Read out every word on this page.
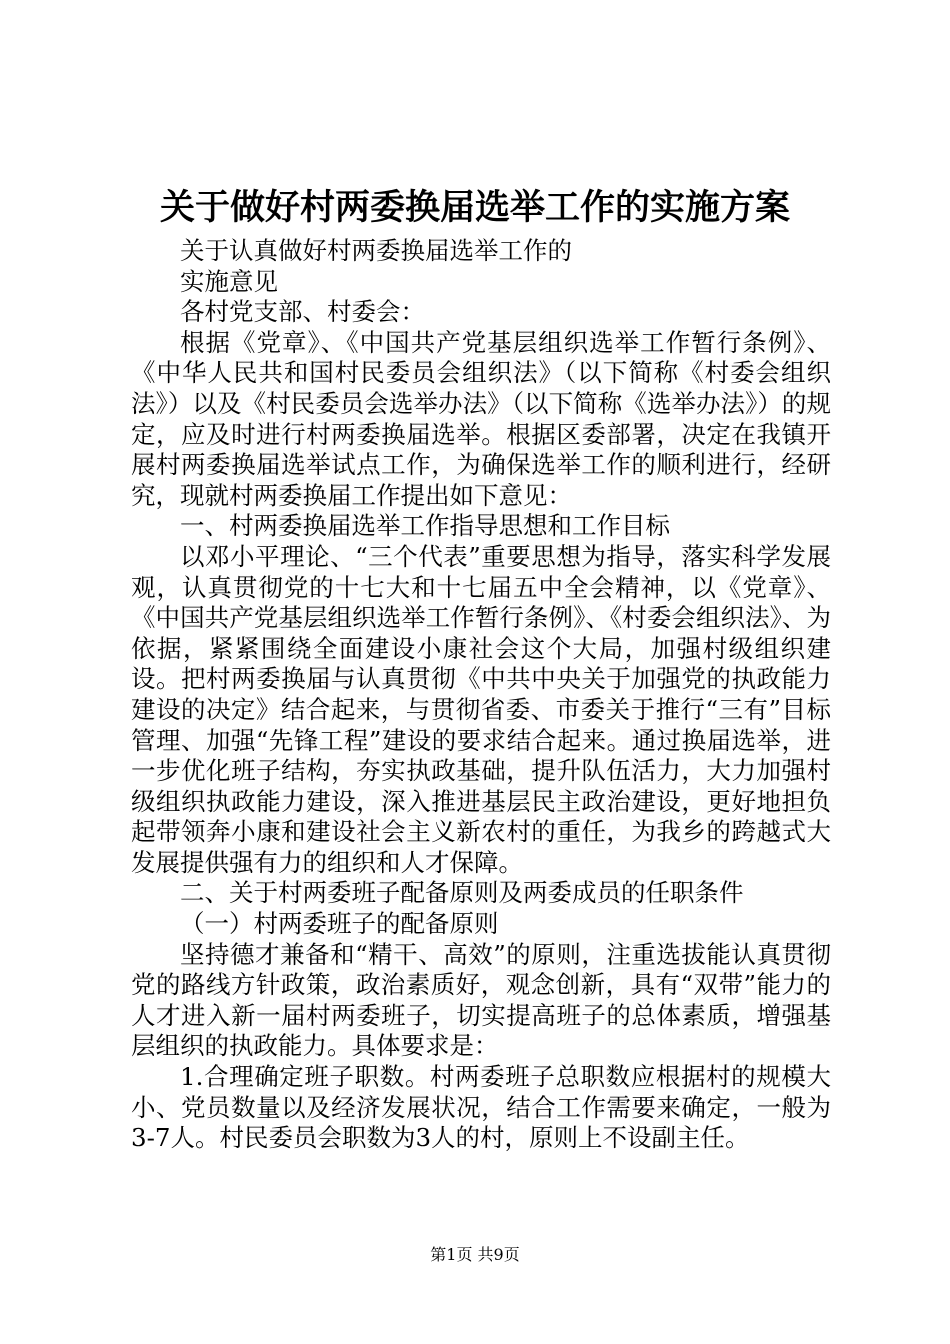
关于做好村两委换届选举工作的实施方案
关于认真做好村两委换届选举工作的
实施意见
各村党支部、村委会：
根据《党章》、《中国共产党基层组织选举工作暂行条例》、《中华人民共和国村民委员会组织法》（以下简称《村委会组织法》）以及《村民委员会选举办法》（以下简称《选举办法》）的规定，应及时进行村两委换届选举。根据区委部署，决定在我镇开展村两委换届选举试点工作，为确保选举工作的顺利进行，经研究，现就村两委换届工作提出如下意见：
一、村两委换届选举工作指导思想和工作目标
以邓小平理论、“三个代表”重要思想为指导，落实科学发展观，认真贯彻党的十七大和十七届五中全会精神，以《党章》、《中国共产党基层组织选举工作暂行条例》、《村委会组织法》、为依据，紧紧围绕全面建设小康社会这个大局，加强村级组织建设。把村两委换届与认真贯彻《中共中央关于加强党的执政能力建设的决定》结合起来，与贯彻省委、市委关于推行“三有”目标管理、加强“先锋工程”建设的要求结合起来。通过换届选举，进一步优化班子结构，夯实执政基础，提升队伍活力，大力加强村级组织执政能力建设，深入推进基层民主政治建设，更好地担负起带领奔小康和建设社会主义新农村的重任，为我乡的跨越式大发展提供强有力的组织和人才保障。
二、关于村两委班子配备原则及两委成员的任职条件
（一）村两委班子的配备原则
坚持德才兼备和“精干、高效”的原则，注重选拔能认真贯彻党的路线方针政策，政治素质好，观念创新，具有“双带”能力的人才进入新一届村两委班子，切实提高班子的总体素质，增强基层组织的执政能力。具体要求是：
1.合理确定班子职数。村两委班子总职数应根据村的规模大小、党员数量以及经济发展状况，结合工作需要来确定，一般为3-7人。村民委员会职数为3人的村，原则上不设副主任。
第1页 共9页
